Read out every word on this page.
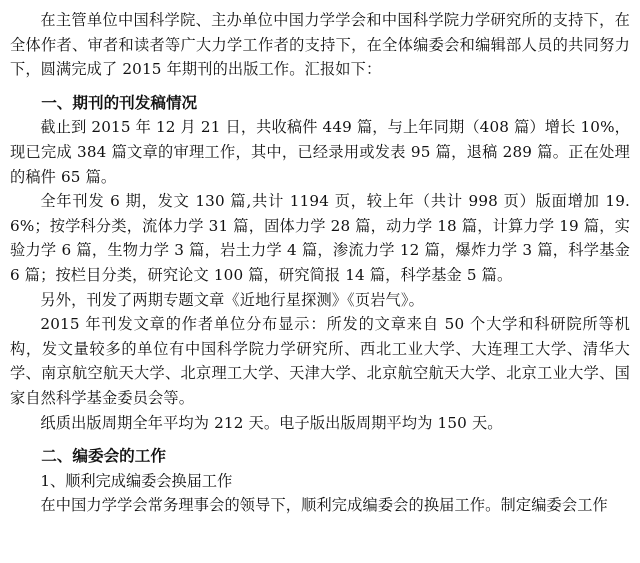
在主管单位中国科学院、主办单位中国力学学会和中国科学院力学研究所的支持下，在全体作者、审者和读者等广大力学工作者的支持下，在全体编委会和编辑部人员的共同努力下，圆满完成了 2015 年期刊的出版工作。汇报如下：

一、期刊的刊发稿情况

截止到 2015 年 12 月 21 日，共收稿件 449 篇，与上年同期（408 篇）增长 10%，现已完成 384 篇文章的审理工作，其中，已经录用或发表 95 篇，退稿 289 篇。正在处理的稿件 65 篇。

全年刊发 6 期，发文 130 篇,共计 1194 页，较上年（共计 998 页）版面增加 19.6%；按学科分类，流体力学 31 篇，固体力学 28 篇，动力学 18 篇，计算力学 19 篇，实验力学 6 篇，生物力学 3 篇，岩土力学 4 篇，渗流力学 12 篇，爆炸力学 3 篇，科学基金 6 篇；按栏目分类，研究论文 100 篇，研究简报 14 篇，科学基金 5 篇。

另外，刊发了两期专题文章《近地行星探测》《页岩气》。

2015 年刊发文章的作者单位分布显示：所发的文章来自 50 个大学和科研院所等机构，发文量较多的单位有中国科学院力学研究所、西北工业大学、大连理工大学、清华大学、南京航空航天大学、北京理工大学、天津大学、北京航空航天大学、北京工业大学、国家自然科学基金委员会等。

纸质出版周期全年平均为 212 天。电子版出版周期平均为 150 天。

二、编委会的工作
1、顺利完成编委会换届工作

在中国力学学会常务理事会的领导下，顺利完成编委会的换届工作。制定编委会工作
